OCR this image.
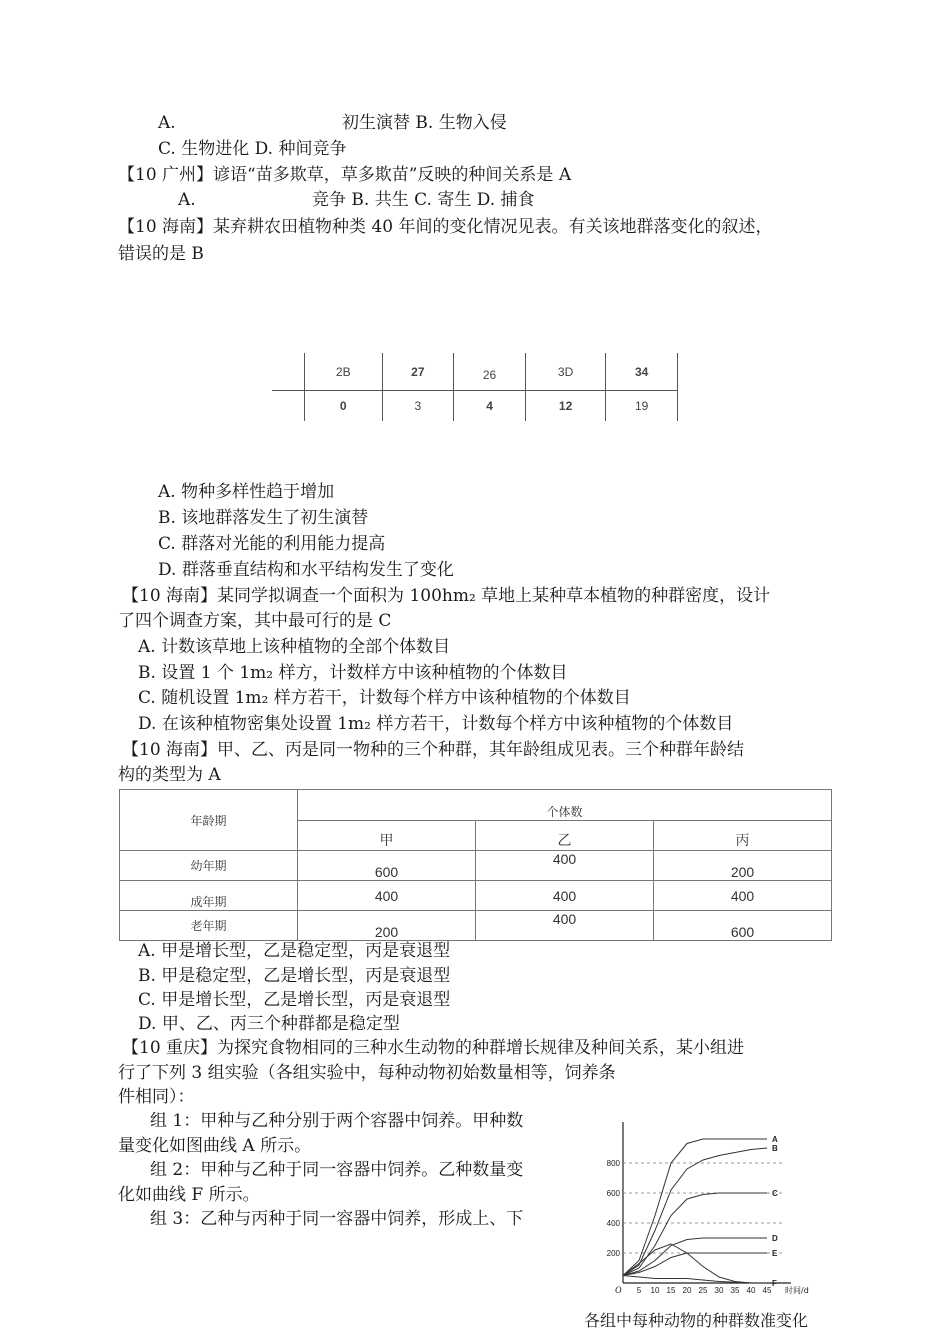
A.	初生演替 B. 生物入侵
C. 生物进化 D. 种间竞争
【10 广州】谚语“苗多欺草，草多欺苗”反映的种间关系是 A
A.	竞争 B. 共生 C. 寄生 D. 捕食
【10 海南】某弃耕农田植物种类 40 年间的变化情况见表。有关该地群落变化的叙述，
错误的是 B
	2B	27	26	3D	34
	0	3	4	12	19
A. 物种多样性趋于增加
B. 该地群落发生了初生演替
C. 群落对光能的利用能力提高
D. 群落垂直结构和水平结构发生了变化
【10 海南】某同学拟调查一个面积为 100hm₂ 草地上某种草本植物的种群密度，设计
了四个调查方案，其中最可行的是 C
A. 计数该草地上该种植物的全部个体数目
B. 设置 1 个 1m₂ 样方，计数样方中该种植物的个体数目
C. 随机设置 1m₂ 样方若干，计数每个样方中该种植物的个体数目
D. 在该种植物密集处设置 1m₂ 样方若干，计数每个样方中该种植物的个体数目
【10 海南】甲、乙、丙是同一物种的三个种群，其年龄组成见表。三个种群年龄结
构的类型为 A
年龄期	个体数		
	甲	乙	丙
幼年期	600	400	200
成年期	400	400	400
老年期	200	400	600
A. 甲是增长型，乙是稳定型，丙是衰退型
B. 甲是稳定型，乙是增长型，丙是衰退型
C. 甲是增长型，乙是增长型，丙是衰退型
D. 甲、乙、丙三个种群都是稳定型
【10 重庆】为探究食物相同的三种水生动物的种群增长规律及种间关系，某小组进
行了下列 3 组实验（各组实验中，每种动物初始数量相等，饲养条
件相同）：
组 1：甲种与乙种分别于两个容器中饲养。甲种数
量变化如图曲线 A 所示。
组 2：甲种与乙种于同一容器中饲养。乙种数量变
化如曲线 F 所示。
组 3：乙种与丙种于同一容器中饲养，形成上、下
200
400
600
800
5 10 15 20 25 30 35 40 45
O	时间/d
A
B
C
D
E
F
各组中每种动物的种群数准变化
